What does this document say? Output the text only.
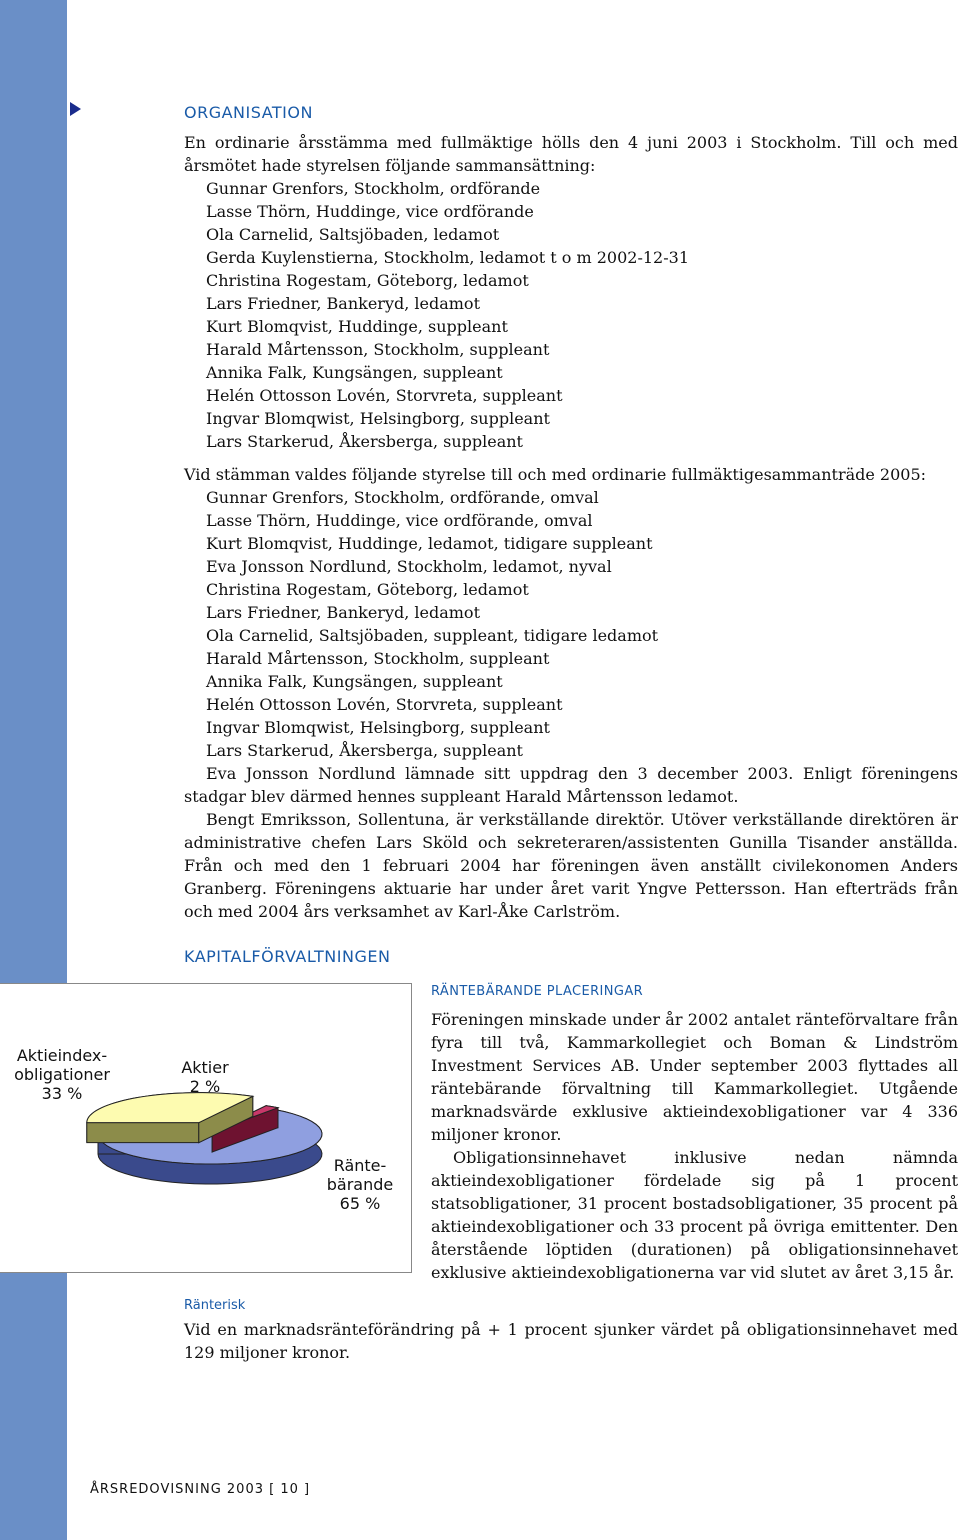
ORGANISATION

En ordinarie årsstämma med fullmäktige hölls den 4 juni 2003 i Stockholm. Till och med årsmötet hade styrelsen följande sammansättning:

Gunnar Grenfors, Stockholm, ordförande
Lasse Thörn, Huddinge, vice ordförande
Ola Carnelid, Saltsjöbaden, ledamot
Gerda Kuylenstierna, Stockholm, ledamot t o m 2002-12-31
Christina Rogestam, Göteborg, ledamot
Lars Friedner, Bankeryd, ledamot
Kurt Blomqvist, Huddinge, suppleant
Harald Mårtensson, Stockholm, suppleant
Annika Falk, Kungsängen, suppleant
Helén Ottosson Lovén, Storvreta, suppleant
Ingvar Blomqwist, Helsingborg, suppleant
Lars Starkerud, Åkersberga, suppleant

Vid stämman valdes följande styrelse till och med ordinarie fullmäktigesammanträde 2005:

Gunnar Grenfors, Stockholm, ordförande, omval
Lasse Thörn, Huddinge, vice ordförande, omval
Kurt Blomqvist, Huddinge, ledamot, tidigare suppleant
Eva Jonsson Nordlund, Stockholm, ledamot, nyval
Christina Rogestam, Göteborg, ledamot
Lars Friedner, Bankeryd, ledamot
Ola Carnelid, Saltsjöbaden, suppleant, tidigare ledamot
Harald Mårtensson, Stockholm, suppleant
Annika Falk, Kungsängen, suppleant
Helén Ottosson Lovén, Storvreta, suppleant
Ingvar Blomqwist, Helsingborg, suppleant
Lars Starkerud, Åkersberga, suppleant

Eva Jonsson Nordlund lämnade sitt uppdrag den 3 december 2003. Enligt föreningens stadgar blev därmed hennes suppleant Harald Mårtensson ledamot.

Bengt Emriksson, Sollentuna, är verkställande direktör. Utöver verkställande direktören är administrative chefen Lars Sköld och sekreteraren/assistenten Gunilla Tisander anställda. Från och med den 1 februari 2004 har föreningen även anställt civilekonomen Anders Granberg. Föreningens aktuarie har under året varit Yngve Pettersson. Han efterträds från och med 2004 års verksamhet av Karl-Åke Carlström.

KAPITALFÖRVALTNINGEN
Aktieindex-
obligationer
33 %
Aktier
2 %
Ränte-
bärande
65 %
RÄNTEBÄRANDE PLACERINGAR

Föreningen minskade under år 2002 antalet ränteförvaltare från fyra till två, Kammarkollegiet och Boman & Lindström Investment Services AB. Under september 2003 flyttades all räntebärande förvaltning till Kammarkollegiet. Utgående marknadsvärde exklusive aktieindexobligationer var 4 336 miljoner kronor.

Obligationsinnehavet inklusive nedan nämnda aktieindexobligationer fördelade sig på 1 procent statsobligationer, 31 procent bostadsobligationer, 35 procent på aktieindexobligationer och 33 procent på övriga emittenter. Den återstående löptiden (durationen) på obligationsinnehavet exklusive aktieindexobligationerna var vid slutet av året 3,15 år.

Ränterisk

Vid en marknadsränteförändring på + 1 procent sjunker värdet på obligationsinnehavet med 129 miljoner kronor.

ÅRSREDOVISNING 2003 [ 10 ]
